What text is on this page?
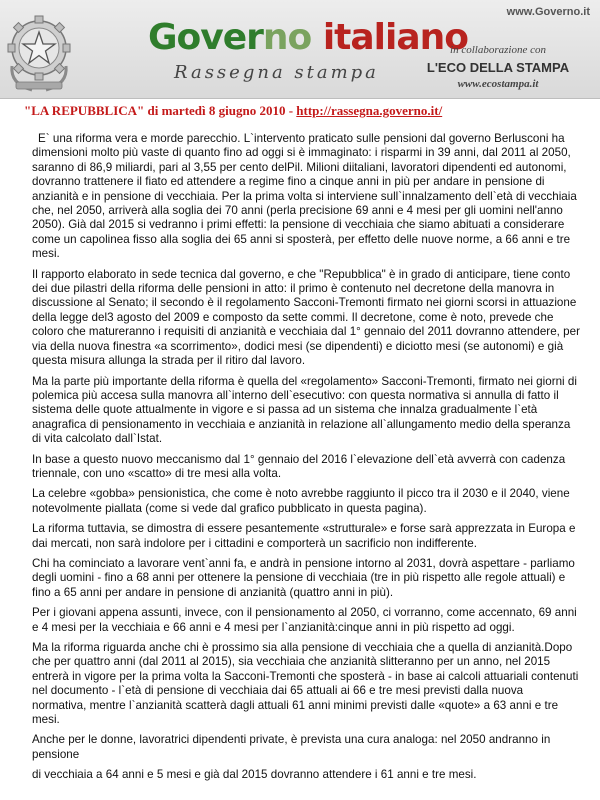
Governo italiano
Rassegna stampa
www.Governo.it
in collaborazione con
L'ECO DELLA STAMPA
www.ecostampa.it
"LA REPUBBLICA" di martedì 8 giugno 2010 - http://rassegna.governo.it/

E` una riforma vera e morde parecchio. L`intervento praticato sulle pensioni dal governo Berlusconi ha dimensioni molto più vaste di quanto fino ad oggi si è immaginato: i risparmi in 39 anni, dal 2011 al 2050, saranno di 86,9 miliardi, pari al 3,55 per cento delPil. Milioni diitaliani, lavoratori dipendenti ed autonomi, dovranno trattenere il fiato ed attendere a regime fino a cinque anni in più per andare in pensione di anzianità e in pensione di vecchiaia. Per la prima volta si interviene sull`innalzamento dell`età di vecchiaia che, nel 2050, arriverà alla soglia dei 70 anni (perla precisione 69 anni e 4 mesi per gli uomini nell'anno 2050). Già dal 2015 si vedranno i primi effetti: la pensione di vecchiaia che siamo abituati a considerare come un capolinea fisso alla soglia dei 65 anni si sposterà, per effetto delle nuove norme, a 66 anni e tre mesi.

Il rapporto elaborato in sede tecnica dal governo, e che "Repubblica" è in grado di anticipare, tiene conto dei due pilastri della riforma delle pensioni in atto: il primo è contenuto nel decretone della manovra in discussione al Senato; il secondo è il regolamento Sacconi-Tremonti firmato nei giorni scorsi in attuazione della legge del3 agosto del 2009 e composto da sette commi. Il decretone, come è noto, prevede che coloro che matureranno i requisiti di anzianità e vecchiaia dal 1° gennaio del 2011 dovranno attendere, per via della nuova finestra «a scorrimento», dodici mesi (se dipendenti) e diciotto mesi (se autonomi) e già questa misura allunga la strada per il ritiro dal lavoro.

Ma la parte più importante della riforma è quella del «regolamento» Sacconi-Tremonti, firmato nei giorni di polemica più accesa sulla manovra all`interno dell`esecutivo: con questa normativa si annulla di fatto il sistema delle quote attualmente in vigore e si passa ad un sistema che innalza gradualmente l`età anagrafica di pensionamento in vecchiaia e anzianità in relazione all`allungamento medio della speranza di vita calcolato dall`Istat.

In base a questo nuovo meccanismo dal 1° gennaio del 2016 l`elevazione dell`età avverrà con cadenza triennale, con uno «scatto» di tre mesi alla volta.

La celebre «gobba» pensionistica, che come è noto avrebbe raggiunto il picco tra il 2030 e il 2040, viene notevolmente piallata (come si vede dal grafico pubblicato in questa pagina).

La riforma tuttavia, se dimostra di essere pesantemente «strutturale» e forse sarà apprezzata in Europa e dai mercati, non sarà indolore per i cittadini e comporterà un sacrificio non indifferente.

Chi ha cominciato a lavorare vent`anni fa, e andrà in pensione intorno al 2031, dovrà aspettare - parliamo degli uomini - fino a 68 anni per ottenere la pensione di vecchiaia (tre in più rispetto alle regole attuali) e fino a 65 anni per andare in pensione di anzianità (quattro anni in più).

Per i giovani appena assunti, invece, con il pensionamento al 2050, ci vorranno, come accennato, 69 anni e 4 mesi per la vecchiaia e 66 anni e 4 mesi per l`anzianità:cinque anni in più rispetto ad oggi.

Ma la riforma riguarda anche chi è prossimo sia alla pensione di vecchiaia che a quella di anzianità.Dopo che per quattro anni (dal 2011 al 2015), sia vecchiaia che anzianità slitteranno per un anno, nel 2015 entrerà in vigore per la prima volta la Sacconi-Tremonti che sposterà - in base ai calcoli attuariali contenuti nel documento - l`età di pensione di vecchiaia dai 65 attuali ai 66 e tre mesi previsti dalla nuova normativa, mentre l`anzianità scatterà dagli attuali 61 anni minimi previsti dalle «quote» a 63 anni e tre mesi.

Anche per le donne, lavoratrici dipendenti private, è prevista una cura analoga: nel 2050 andranno in pensione

di vecchiaia a 64 anni e 5 mesi e già dal 2015 dovranno attendere i 61 anni e tre mesi.
